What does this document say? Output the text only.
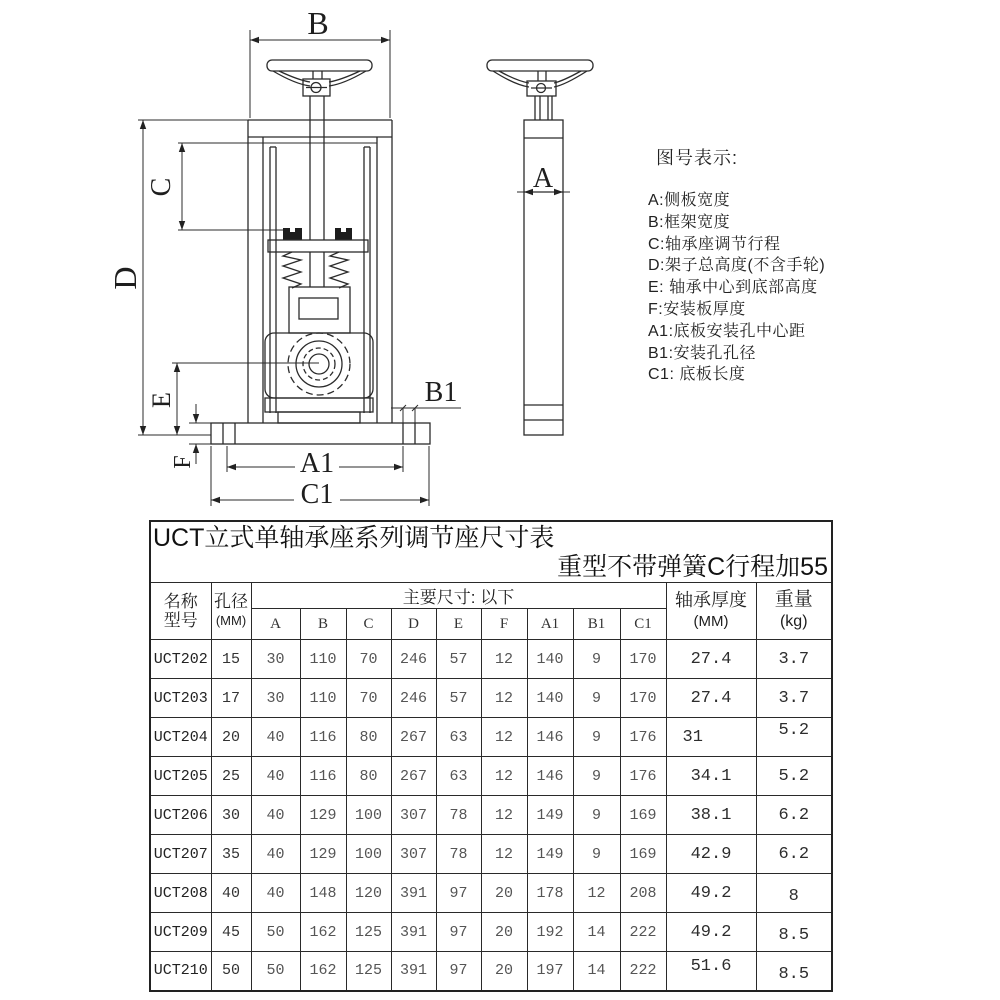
B
C
D
E
F
B1
A1
C1
A

图号表示:

A:侧板宽度
B:框架宽度
C:轴承座调节行程
D:架子总高度(不含手轮)
E: 轴承中心到底部高度
F:安装板厚度
A1:底板安装孔中心距
B1:安装孔孔径
C1: 底板长度
UCT立式单轴承座系列调节座尺寸表
重型不带弹簧C行程加55												

名称
型号

孔径
(MM)
	主要尺寸: 以下	轴承厚度
(MM)

重量
(kg)

		A	B	C	D	E	F	A1	B1	C1		
UCT202	15	30	110	70	246	57	12	140	9	170	27.4	3.7
UCT203	17	30	110	70	246	57	12	140	9	170	27.4	3.7
UCT204	20	40	116	80	267	63	12	146	9	176	31	5.2
UCT205	25	40	116	80	267	63	12	146	9	176	34.1	5.2
UCT206	30	40	129	100	307	78	12	149	9	169	38.1	6.2
UCT207	35	40	129	100	307	78	12	149	9	169	42.9	6.2
UCT208	40	40	148	120	391	97	20	178	12	208	49.2	8
UCT209	45	50	162	125	391	97	20	192	14	222	49.2	8.5
UCT210	50	50	162	125	391	97	20	197	14	222	51.6	8.5
